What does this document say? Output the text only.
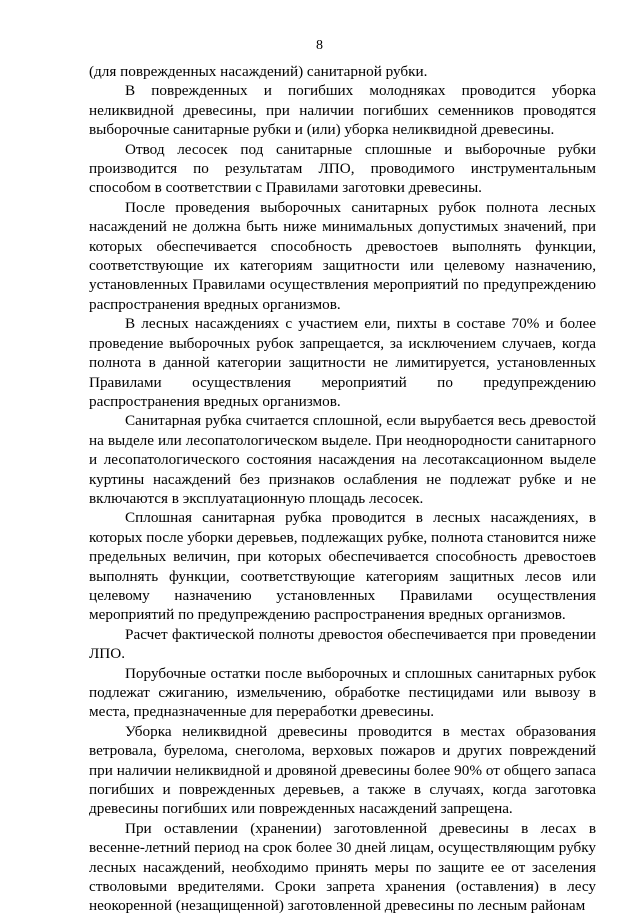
8

(для поврежденных насаждений) санитарной рубки.

В поврежденных и погибших молодняках проводится уборка неликвидной древесины, при наличии погибших семенников проводятся выборочные санитарные рубки и (или) уборка неликвидной древесины.

Отвод лесосек под санитарные сплошные и выборочные рубки производится по результатам ЛПО, проводимого инструментальным способом в соответствии с Правилами заготовки древесины.

После проведения выборочных санитарных рубок полнота лесных насаждений не должна быть ниже минимальных допустимых значений, при которых обеспечивается способность древостоев выполнять функции, соответствующие их категориям защитности или целевому назначению, установленных Правилами осуществления мероприятий по предупреждению распространения вредных организмов.

В лесных насаждениях с участием ели, пихты в составе 70% и более проведение выборочных рубок запрещается, за исключением случаев, когда полнота в данной категории защитности не лимитируется, установленных Правилами осуществления мероприятий по предупреждению распространения вредных организмов.

Санитарная рубка считается сплошной, если вырубается весь древостой на выделе или лесопатологическом выделе. При неоднородности санитарного и лесопатологического состояния насаждения на лесотаксационном выделе куртины насаждений без признаков ослабления не подлежат рубке и не включаются в эксплуатационную площадь лесосек.

Сплошная санитарная рубка проводится в лесных насаждениях, в которых после уборки деревьев, подлежащих рубке, полнота становится ниже предельных величин, при которых обеспечивается способность древостоев выполнять функции, соответствующие категориям защитных лесов или целевому назначению установленных Правилами осуществления мероприятий по предупреждению распространения вредных организмов.

Расчет фактической полноты древостоя обеспечивается при проведении ЛПО.

Порубочные остатки после выборочных и сплошных санитарных рубок подлежат сжиганию, измельчению, обработке пестицидами или вывозу в места, предназначенные для переработки древесины.

Уборка неликвидной древесины проводится в местах образования ветровала, бурелома, снеголома, верховых пожаров и других повреждений при наличии неликвидной и дровяной древесины более 90% от общего запаса погибших и поврежденных деревьев, а также в случаях, когда заготовка древесины погибших или поврежденных насаждений запрещена.

При оставлении (хранении) заготовленной древесины в лесах в весенне-летний период на срок более 30 дней лицам, осуществляющим рубку лесных насаждений, необходимо принять меры по защите ее от заселения стволовыми вредителями. Сроки запрета хранения (оставления) в лесу неокоренной (незащищенной) заготовленной древесины по лесным районам
